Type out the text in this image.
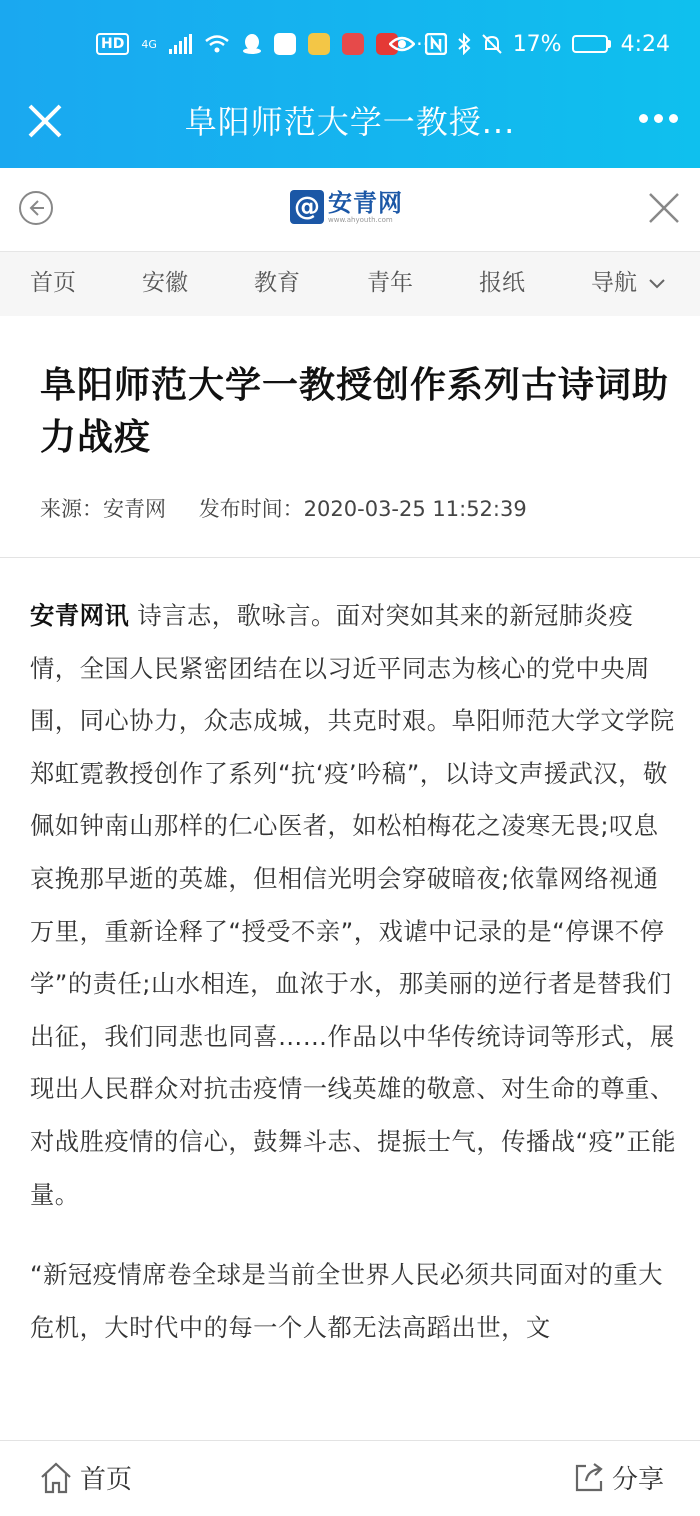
HD	4G	···	17%	4:24
阜阳师范大学一教授...
@ 安青网
www.ahyouth.com
首页	安徽	教育	青年	报纸	导航
阜阳师范大学一教授创作系列古诗词助力战疫
来源：安青网 发布时间：2020-03-25 11:52:39

安青网讯 诗言志，歌咏言。面对突如其来的新冠肺炎疫情，全国人民紧密团结在以习近平同志为核心的党中央周围，同心协力，众志成城，共克时艰。阜阳师范大学文学院郑虹霓教授创作了系列“抗‘疫’吟稿”，以诗文声援武汉，敬佩如钟南山那样的仁心医者，如松柏梅花之凌寒无畏;叹息哀挽那早逝的英雄，但相信光明会穿破暗夜;依靠网络视通万里，重新诠释了“授受不亲”，戏谑中记录的是“停课不停学”的责任;山水相连，血浓于水，那美丽的逆行者是替我们出征，我们同悲也同喜……作品以中华传统诗词等形式，展现出人民群众对抗击疫情一线英雄的敬意、对生命的尊重、对战胜疫情的信心，鼓舞斗志、提振士气，传播战“疫”正能量。

“新冠疫情席卷全球是当前全世界人民必须共同面对的重大危机，大时代中的每一个人都无法高蹈出世，文

首页	分享
